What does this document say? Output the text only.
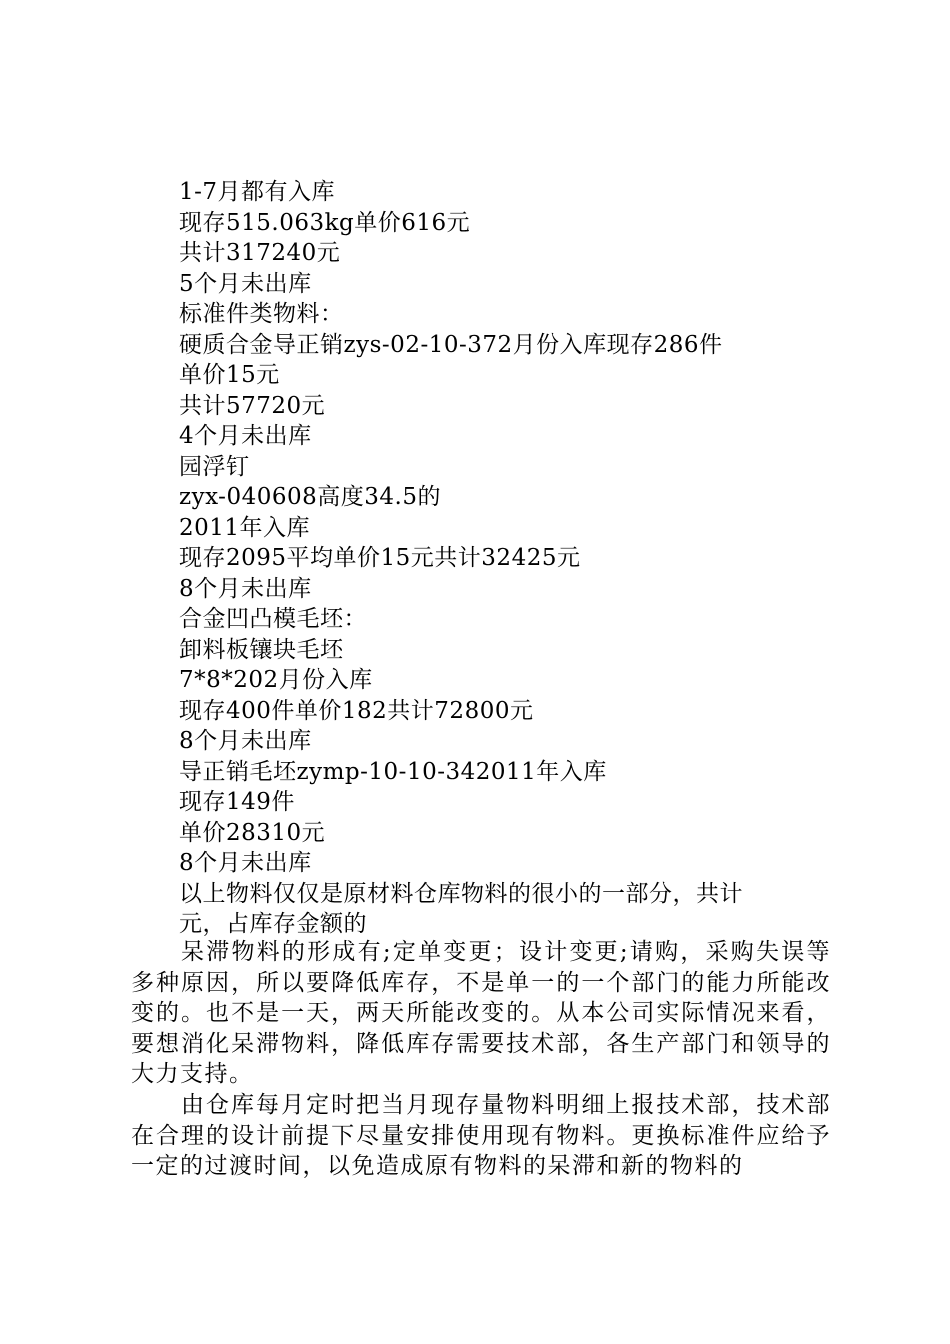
1-7月都有入库
现存515.063kg单价616元
共计317240元
5个月未出库
标准件类物料：
硬质合金导正销zys-02-10-372月份入库现存286件
单价15元
共计57720元
4个月未出库
园浮钉
zyx-040608高度34.5的
2011年入库
现存2095平均单价15元共计32425元
8个月未出库
合金凹凸模毛坯：
卸料板镶块毛坯
7*8*202月份入库
现存400件单价182共计72800元
8个月未出库
导正销毛坯zymp-10-10-342011年入库
现存149件
单价28310元
8个月未出库
以上物料仅仅是原材料仓库物料的很小的一部分，共计
元，占库存金额的

呆滞物料的形成有;定单变更；设计变更;请购，采购失误等多种原因，所以要降低库存，不是单一的一个部门的能力所能改变的。也不是一天，两天所能改变的。从本公司实际情况来看，要想消化呆滞物料，降低库存需要技术部，各生产部门和领导的大力支持。

由仓库每月定时把当月现存量物料明细上报技术部，技术部在合理的设计前提下尽量安排使用现有物料。更换标准件应给予一定的过渡时间，以免造成原有物料的呆滞和新的物料的
